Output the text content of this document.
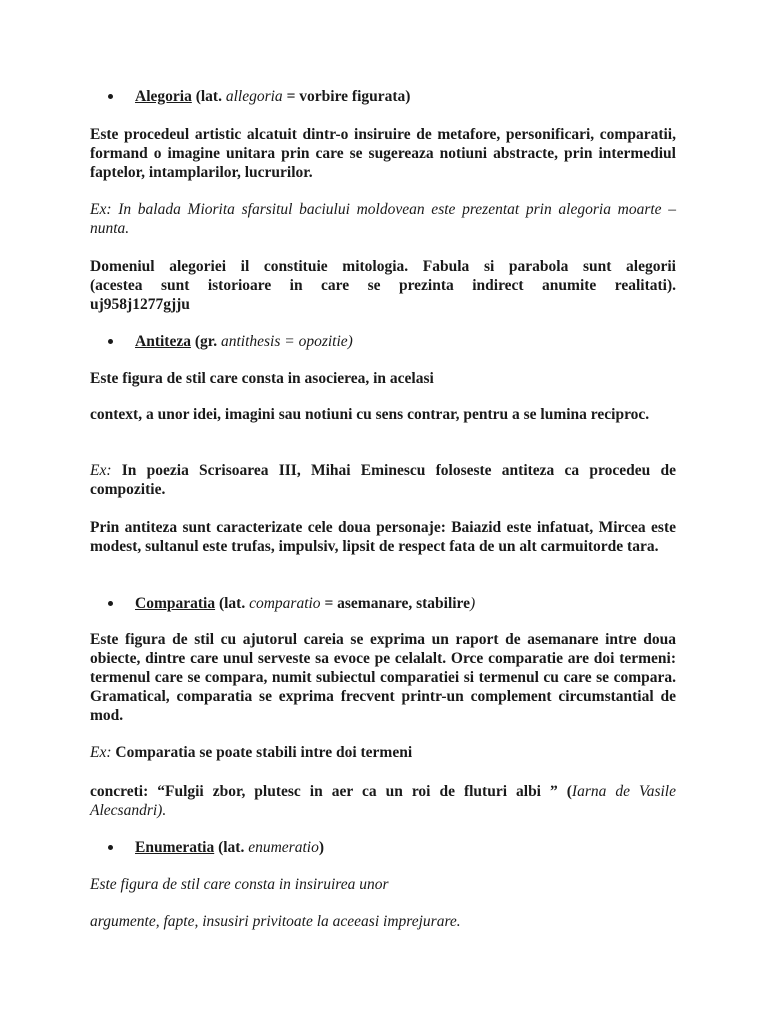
Alegoria (lat. allegoria = vorbire figurata)

Este procedeul artistic alcatuit dintr-o insiruire de metafore, personificari, comparatii, formand o imagine unitara prin care se sugereaza notiuni abstracte, prin intermediul faptelor, intamplarilor, lucrurilor.

Ex: In balada Miorita sfarsitul baciului moldovean este prezentat prin alegoria moarte – nunta.

Domeniul alegoriei il constituie mitologia. Fabula si parabola sunt alegorii

(acestea sunt istorioare in care se prezinta indirect anumite realitati).

uj958j1277gjju

Antiteza (gr. antithesis = opozitie)

Este figura de stil care consta in asocierea, in acelasi

context, a unor idei, imagini sau notiuni cu sens contrar, pentru a se lumina reciproc.

Ex: In poezia Scrisoarea III, Mihai Eminescu foloseste antiteza ca procedeu de compozitie.

Prin antiteza sunt caracterizate cele doua personaje: Baiazid este infatuat, Mircea este modest, sultanul este trufas, impulsiv, lipsit de respect fata de un alt carmuitorde tara.

Comparatia (lat. comparatio = asemanare, stabilire)

Este figura de stil cu ajutorul careia se exprima un raport de asemanare intre doua obiecte, dintre care unul serveste sa evoce pe celalalt. Orce comparatie are doi termeni: termenul care se compara, numit subiectul comparatiei si termenul cu care se compara. Gramatical, comparatia se exprima frecvent printr-un complement circumstantial de mod.

Ex: Comparatia se poate stabili intre doi termeni

concreti: “Fulgii zbor, plutesc in aer ca un roi de fluturi albi ” (Iarna de Vasile Alecsandri).

Enumeratia (lat. enumeratio)

Este figura de stil care consta in insiruirea unor

argumente, fapte, insusiri privitoate la aceeasi imprejurare.
